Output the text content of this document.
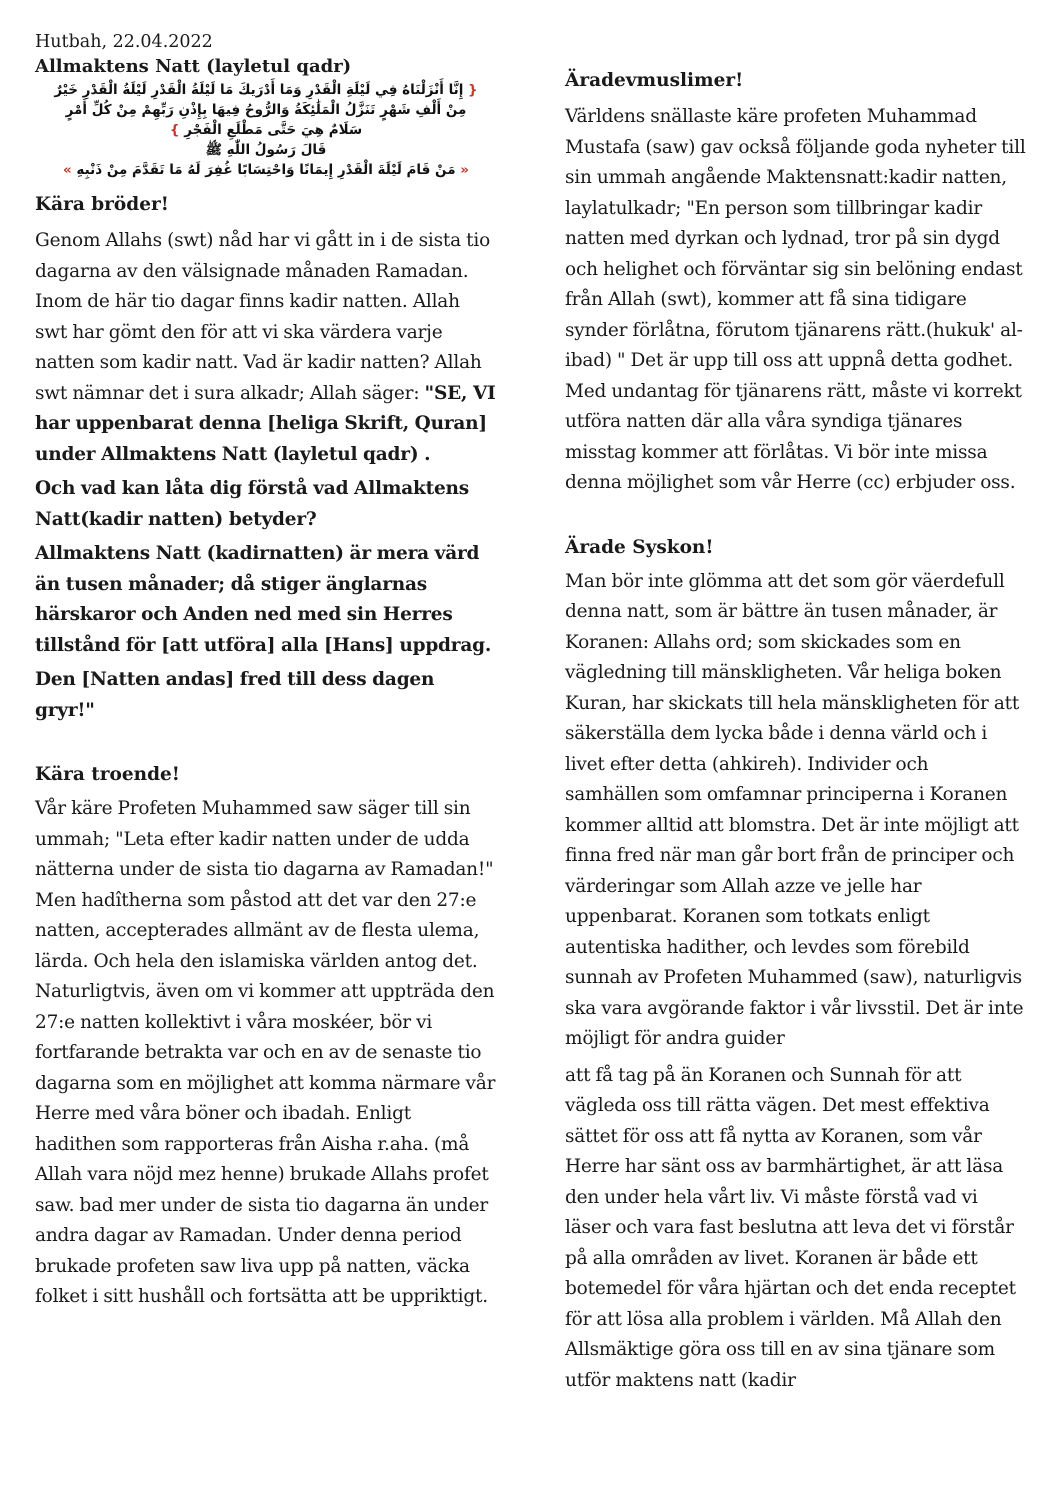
Hutbah, 22.04.2022

Allmaktens Natt (layletul qadr)

{ إِنَّا أَنْزَلْنَاهُ فِي لَيْلَةِ الْقَدْرِ وَمَا أَدْرَيكَ مَا لَيْلَةُ الْقَدْرِ لَيْلَةُ الْقَدْرِ خَيْرٌ

مِنْ أَلْفِ شَهْرٍ تَنَزَّلُ الْمَلَٰئِكَةُ وَالرُّوحُ فِيهَا بِإِذْنِ رَبِّهِمْ مِنْ كُلِّ أَمْرٍ

سَلَامٌ هِيَ حَتَّى مَطْلَعِ الْفَجْرِ }

قَالَ رَسُولُ اللّٰهِ ﷺ

« مَنْ قَامَ لَيْلَةَ الْقَدْرِ إِيمَانًا وَاحْتِسَابًا غُفِرَ لَهُ مَا تَقَدَّمَ مِنْ ذَنْبِهِ »

Kära bröder!

Genom Allahs (swt) nåd har vi gått in i de sista tio dagarna av den välsignade månaden Ramadan. Inom de här tio dagar finns kadir natten. Allah swt har gömt den för att vi ska värdera varje natten som kadir natt. Vad är kadir natten? Allah swt nämnar det i sura alkadr; Allah säger: "SE, VI har uppenbarat denna [heliga Skrift, Quran] under Allmaktens Natt (layletul qadr) .

Och vad kan låta dig förstå vad Allmaktens Natt(kadir natten) betyder?

Allmaktens Natt (kadirnatten) är mera värd än tusen månader; då stiger änglarnas härskaror och Anden ned med sin Herres tillstånd för [att utföra] alla [Hans] uppdrag.

Den [Natten andas] fred till dess dagen gryr!"

Kära troende!

Vår käre Profeten Muhammed saw säger till sin ummah; "Leta efter kadir natten under de udda nätterna under de sista tio dagarna av Ramadan!" Men hadîtherna som påstod att det var den 27:e natten, accepterades allmänt av de flesta ulema, lärda. Och hela den islamiska världen antog det. Naturligtvis, även om vi kommer att uppträda den 27:e natten kollektivt i våra moskéer, bör vi fortfarande betrakta var och en av de senaste tio dagarna som en möjlighet att komma närmare vår Herre med våra böner och ibadah. Enligt hadithen som rapporteras från Aisha r.aha. (må Allah vara nöjd mez henne) brukade Allahs profet saw. bad mer under de sista tio dagarna än under andra dagar av Ramadan. Under denna period brukade profeten saw liva upp på natten, väcka folket i sitt hushåll och fortsätta att be uppriktigt.

Äradevmuslimer!

Världens snällaste käre profeten Muhammad Mustafa (saw) gav också följande goda nyheter till sin ummah angående Maktensnatt:kadir natten, laylatulkadr; "En person som tillbringar kadir natten med dyrkan och lydnad, tror på sin dygd och helighet och förväntar sig sin belöning endast från Allah (swt), kommer att få sina tidigare synder förlåtna, förutom tjänarens rätt.(hukuk' al-ibad) " Det är upp till oss att uppnå detta godhet. Med undantag för tjänarens rätt, måste vi korrekt utföra natten där alla våra syndiga tjänares misstag kommer att förlåtas. Vi bör inte missa denna möjlighet som vår Herre (cc) erbjuder oss.

Ärade Syskon!

Man bör inte glömma att det som gör väerdefull denna natt, som är bättre än tusen månader, är Koranen: Allahs ord; som skickades som en vägledning till mänskligheten. Vår heliga boken Kuran, har skickats till hela mänskligheten för att säkerställa dem lycka både i denna värld och i livet efter detta (ahkireh). Individer och samhällen som omfamnar principerna i Koranen kommer alltid att blomstra. Det är inte möjligt att finna fred när man går bort från de principer och värderingar som Allah azze ve jelle har uppenbarat. Koranen som totkats enligt autentiska hadither, och levdes som förebild sunnah av Profeten Muhammed (saw), naturligvis ska vara avgörande faktor i vår livsstil. Det är inte möjligt för andra guider

att få tag på än Koranen och Sunnah för att vägleda oss till rätta vägen. Det mest effektiva sättet för oss att få nytta av Koranen, som vår Herre har sänt oss av barmhärtighet, är att läsa den under hela vårt liv. Vi måste förstå vad vi läser och vara fast beslutna att leva det vi förstår på alla områden av livet. Koranen är både ett botemedel för våra hjärtan och det enda receptet för att lösa alla problem i världen. Må Allah den Allsmäktige göra oss till en av sina tjänare som utför maktens natt (kadir
